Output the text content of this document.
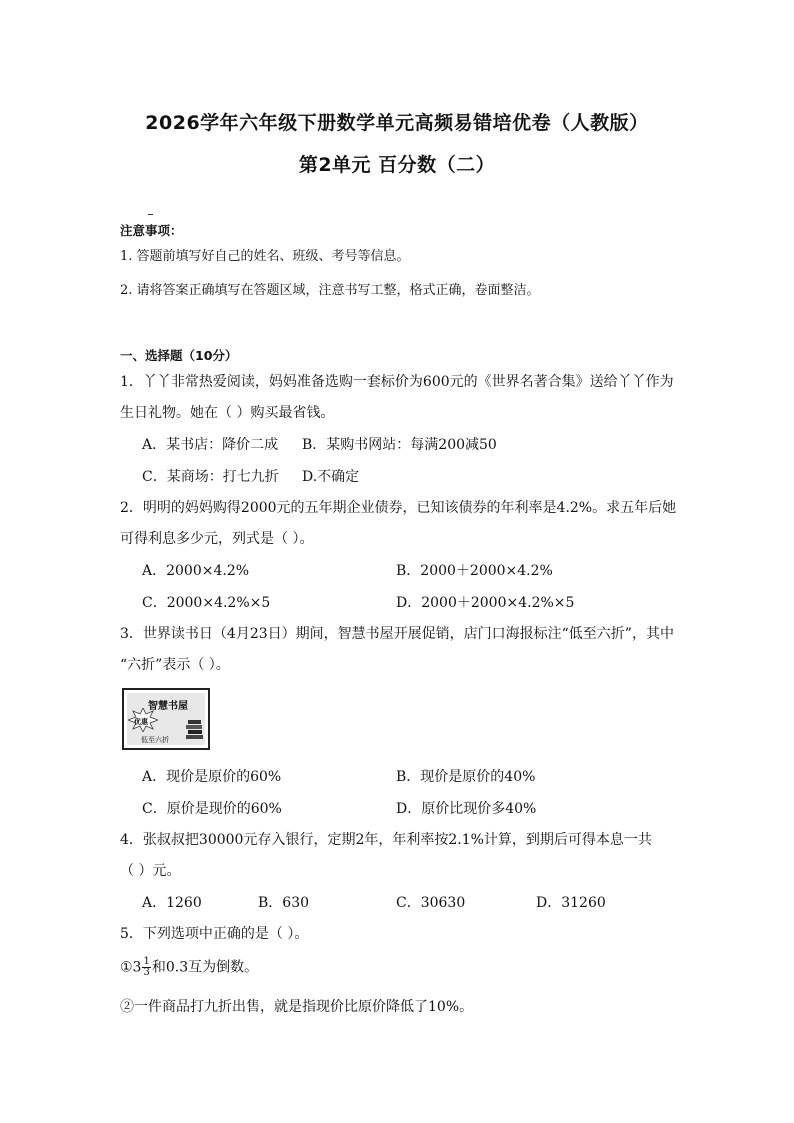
2026学年六年级下册数学单元高频易错培优卷（人教版）
第2单元 百分数（二）
注意事项：
1. 答题前填写好自己的姓名、班级、考号等信息。
2. 请将答案正确填写在答题区域，注意书写工整，格式正确，卷面整洁。
一、选择题（10分）
1．丫丫非常热爱阅读，妈妈准备选购一套标价为600元的《世界名著合集》送给丫丫作为
生日礼物。她在（ ）购买最省钱。
A．某书店：降价二成 B．某购书网站：每满200减50
C．某商场：打七九折 D.不确定
2．明明的妈妈购得2000元的五年期企业债券，已知该债券的年利率是4.2%。求五年后她
可得利息多少元，列式是（ ）。
A．2000×4.2%	B．2000＋2000×4.2%
C．2000×4.2%×5	D．2000＋2000×4.2%×5
3．世界读书日（4月23日）期间，智慧书屋开展促销，店门口海报标注“低至六折”，其中
“六折”表示（ ）。
智慧书屋
优惠
低至六折
A．现价是原价的60%	B．现价是原价的40%
C．原价是现价的60%	D．原价比现价多40%
4．张叔叔把30000元存入银行，定期2年，年利率按2.1%计算，到期后可得本息一共
（ ）元。
A．1260	B．630	C．30630	D．31260
5．下列选项中正确的是（ ）。
①3 $\frac{1}{3}$ 和0.3互为倒数。
②一件商品打九折出售，就是指现价比原价降低了10%。
